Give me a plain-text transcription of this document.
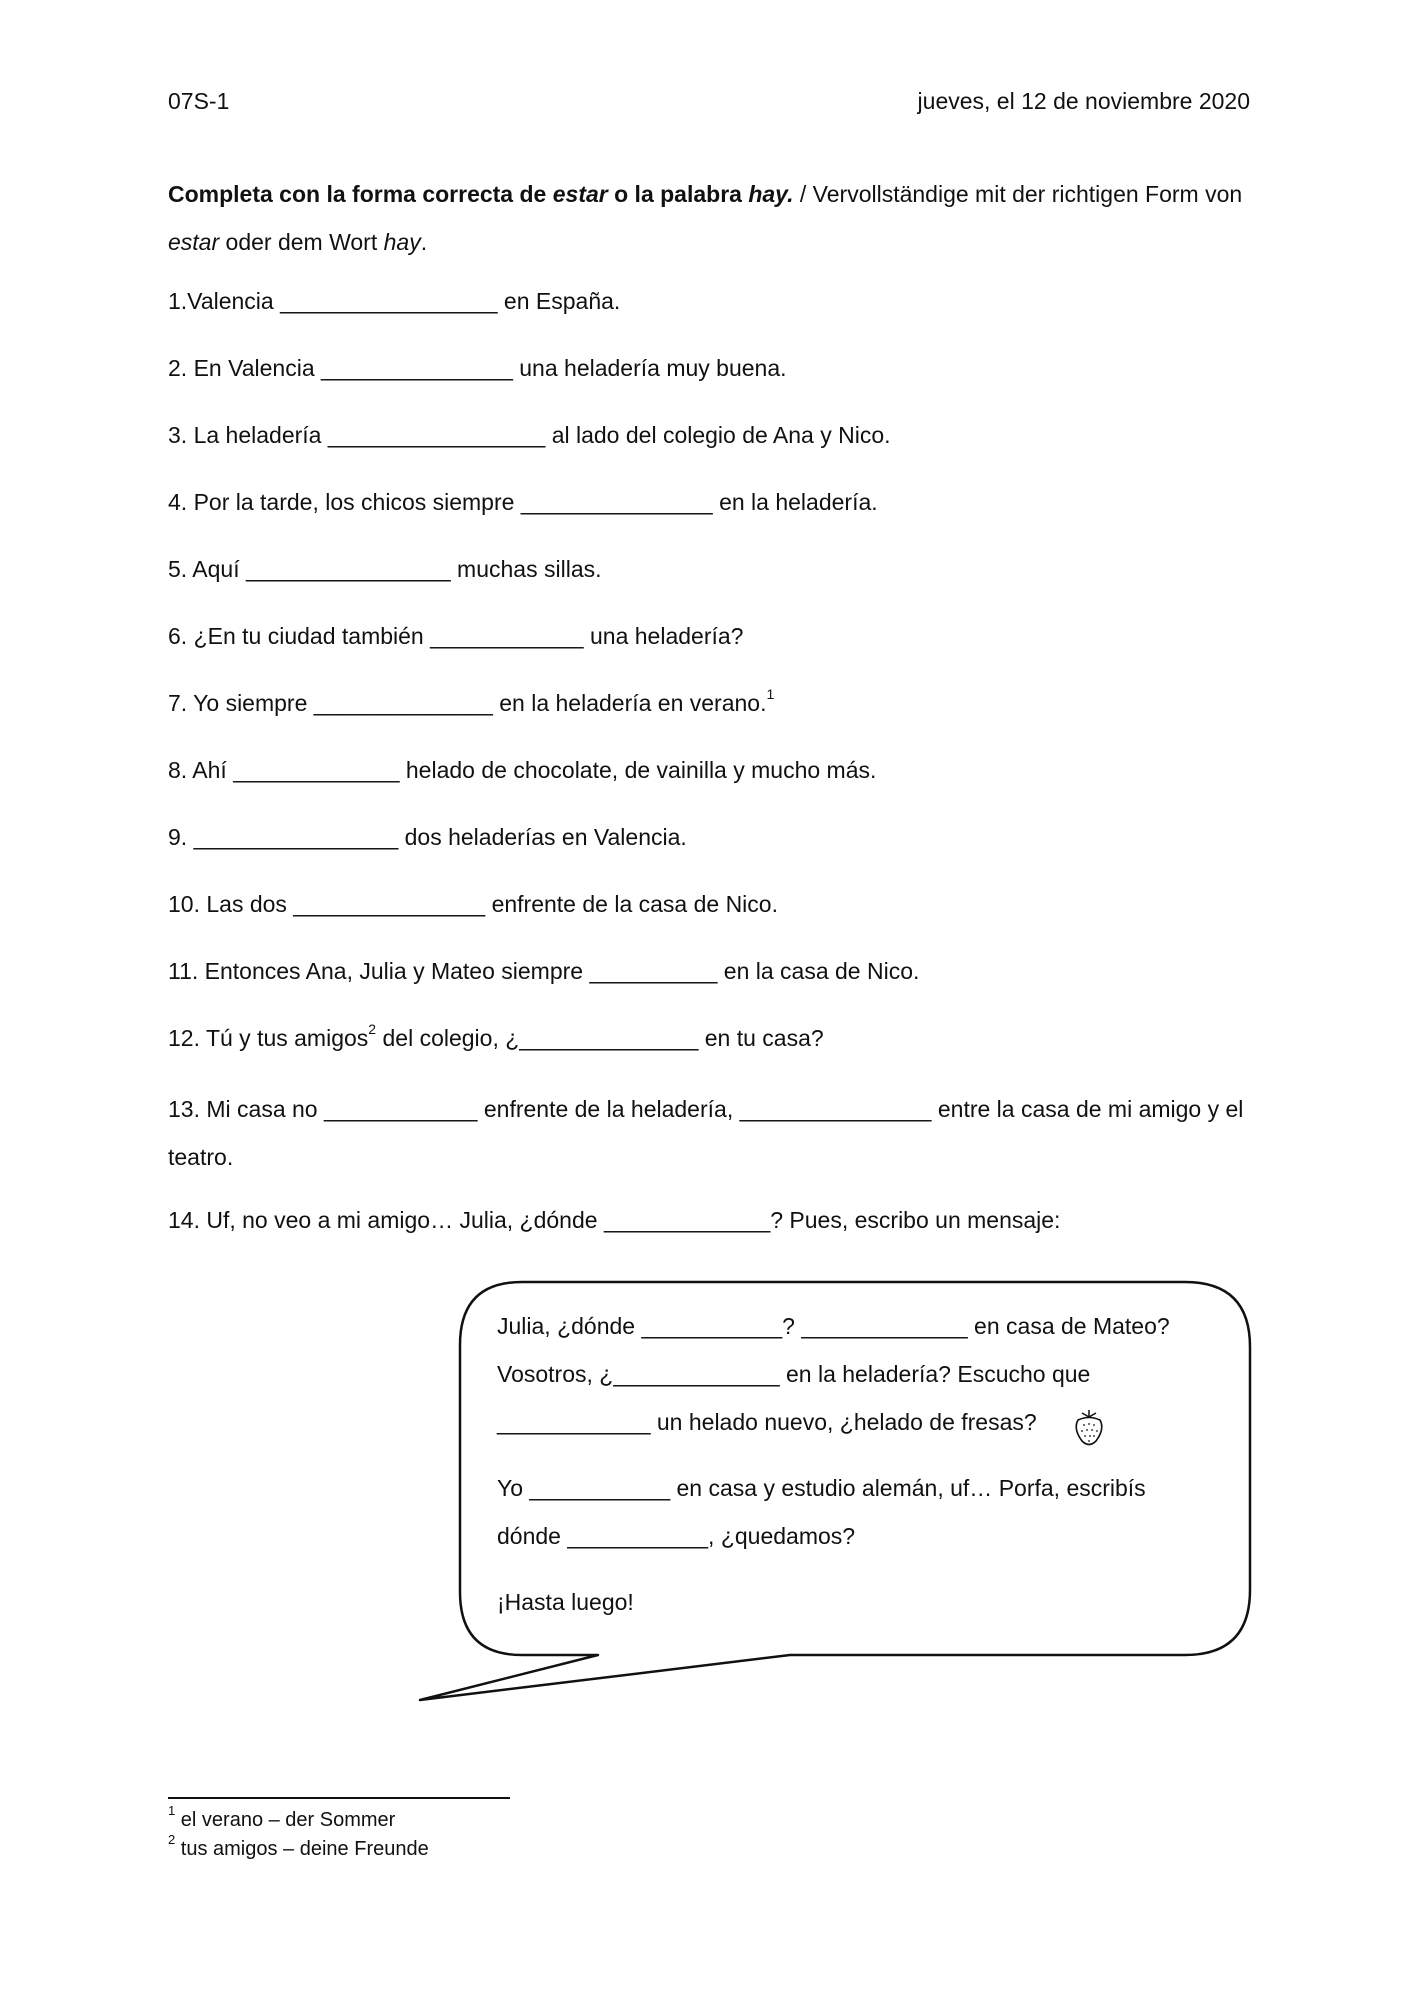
07S-1	jueves, el 12 de noviembre 2020
Completa con la forma correcta de estar o la palabra hay. / Vervollständige mit der richtigen Form von estar oder dem Wort hay.
1.Valencia _________________ en España.
2. En Valencia _______________ una heladería muy buena.
3. La heladería _________________ al lado del colegio de Ana y Nico.
4. Por la tarde, los chicos siempre _______________ en la heladería.
5. Aquí ________________ muchas sillas.
6. ¿En tu ciudad también ____________ una heladería?
7. Yo siempre ______________ en la heladería en verano.$^1$
8. Ahí _____________ helado de chocolate, de vainilla y mucho más.
9. ________________ dos heladerías en Valencia.
10. Las dos _______________ enfrente de la casa de Nico.
11. Entonces Ana, Julia y Mateo siempre __________ en la casa de Nico.
12. Tú y tus amigos$^2$ del colegio, ¿______________ en tu casa?
13. Mi casa no ____________ enfrente de la heladería, _______________ entre la casa de mi amigo y el teatro.
14. Uf, no veo a mi amigo… Julia, ¿dónde _____________? Pues, escribo un mensaje:
Julia, ¿dónde ___________? _____________ en casa de Mateo?
Vosotros, ¿_____________ en la heladería? Escucho que
____________ un helado nuevo, ¿helado de fresas?
Yo ___________ en casa y estudio alemán, uf… Porfa, escribís
dónde ___________, ¿quedamos?
¡Hasta luego!
$^1$ el verano – der Sommer
$^2$ tus amigos – deine Freunde
